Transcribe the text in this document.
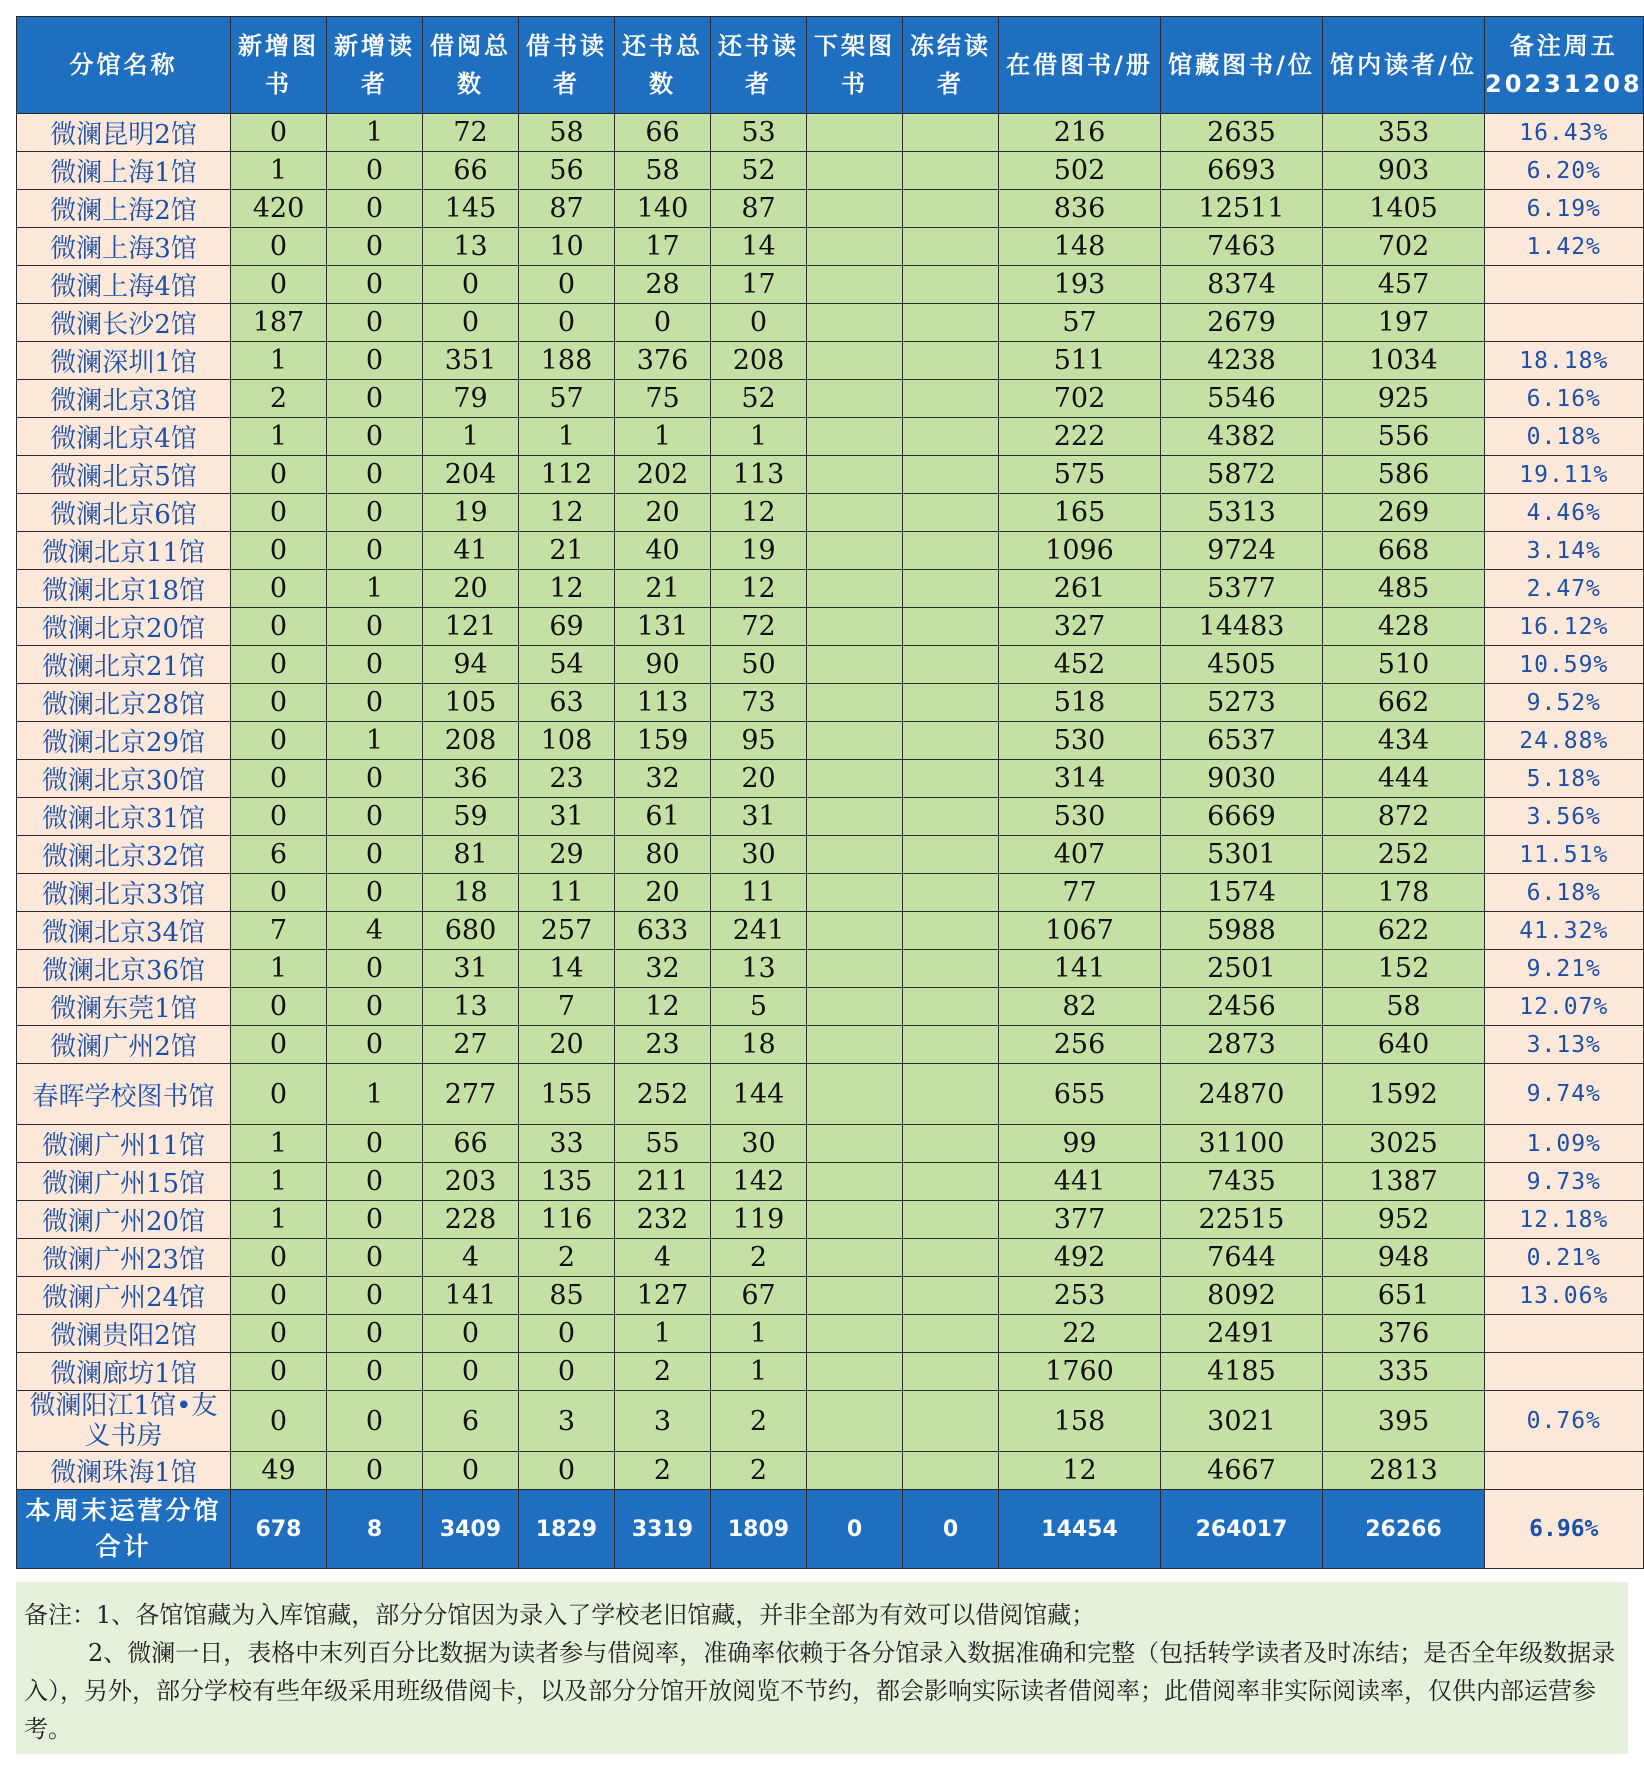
分馆名称	新增图书	新增读者	借阅总数	借书读者	还书总数	还书读者	下架图书	冻结读者	在借图书/册	馆藏图书/位	馆内读者/位	备注周五20231208
微澜昆明2馆	0	1	72	58	66	53			216	2635	353	16.43%
微澜上海1馆	1	0	66	56	58	52			502	6693	903	6.20%
微澜上海2馆	420	0	145	87	140	87			836	12511	1405	6.19%
微澜上海3馆	0	0	13	10	17	14			148	7463	702	1.42%
微澜上海4馆	0	0	0	0	28	17			193	8374	457	
微澜长沙2馆	187	0	0	0	0	0			57	2679	197	
微澜深圳1馆	1	0	351	188	376	208			511	4238	1034	18.18%
微澜北京3馆	2	0	79	57	75	52			702	5546	925	6.16%
微澜北京4馆	1	0	1	1	1	1			222	4382	556	0.18%
微澜北京5馆	0	0	204	112	202	113			575	5872	586	19.11%
微澜北京6馆	0	0	19	12	20	12			165	5313	269	4.46%
微澜北京11馆	0	0	41	21	40	19			1096	9724	668	3.14%
微澜北京18馆	0	1	20	12	21	12			261	5377	485	2.47%
微澜北京20馆	0	0	121	69	131	72			327	14483	428	16.12%
微澜北京21馆	0	0	94	54	90	50			452	4505	510	10.59%
微澜北京28馆	0	0	105	63	113	73			518	5273	662	9.52%
微澜北京29馆	0	1	208	108	159	95			530	6537	434	24.88%
微澜北京30馆	0	0	36	23	32	20			314	9030	444	5.18%
微澜北京31馆	0	0	59	31	61	31			530	6669	872	3.56%
微澜北京32馆	6	0	81	29	80	30			407	5301	252	11.51%
微澜北京33馆	0	0	18	11	20	11			77	1574	178	6.18%
微澜北京34馆	7	4	680	257	633	241			1067	5988	622	41.32%
微澜北京36馆	1	0	31	14	32	13			141	2501	152	9.21%
微澜东莞1馆	0	0	13	7	12	5			82	2456	58	12.07%
微澜广州2馆	0	0	27	20	23	18			256	2873	640	3.13%
春晖学校图书馆	0	1	277	155	252	144			655	24870	1592	9.74%
微澜广州11馆	1	0	66	33	55	30			99	31100	3025	1.09%
微澜广州15馆	1	0	203	135	211	142			441	7435	1387	9.73%
微澜广州20馆	1	0	228	116	232	119			377	22515	952	12.18%
微澜广州23馆	0	0	4	2	4	2			492	7644	948	0.21%
微澜广州24馆	0	0	141	85	127	67			253	8092	651	13.06%
微澜贵阳2馆	0	0	0	0	1	1			22	2491	376	
微澜廊坊1馆	0	0	0	0	2	1			1760	4185	335	
微澜阳江1馆•友义书房	0	0	6	3	3	2			158	3021	395	0.76%
微澜珠海1馆	49	0	0	0	2	2			12	4667	2813	
本周末运营分馆合计	678	8	3409	1829	3319	1809	0	0	14454	264017	26266	6.96%
备注：1、各馆馆藏为入库馆藏，部分分馆因为录入了学校老旧馆藏，并非全部为有效可以借阅馆藏；
2、微澜一日，表格中末列百分比数据为读者参与借阅率，准确率依赖于各分馆录入数据准确和完整（包括转学读者及时冻结；是否全年级数据录入），另外，部分学校有些年级采用班级借阅卡，以及部分分馆开放阅览不节约，都会影响实际读者借阅率；此借阅率非实际阅读率，仅供内部运营参考。
